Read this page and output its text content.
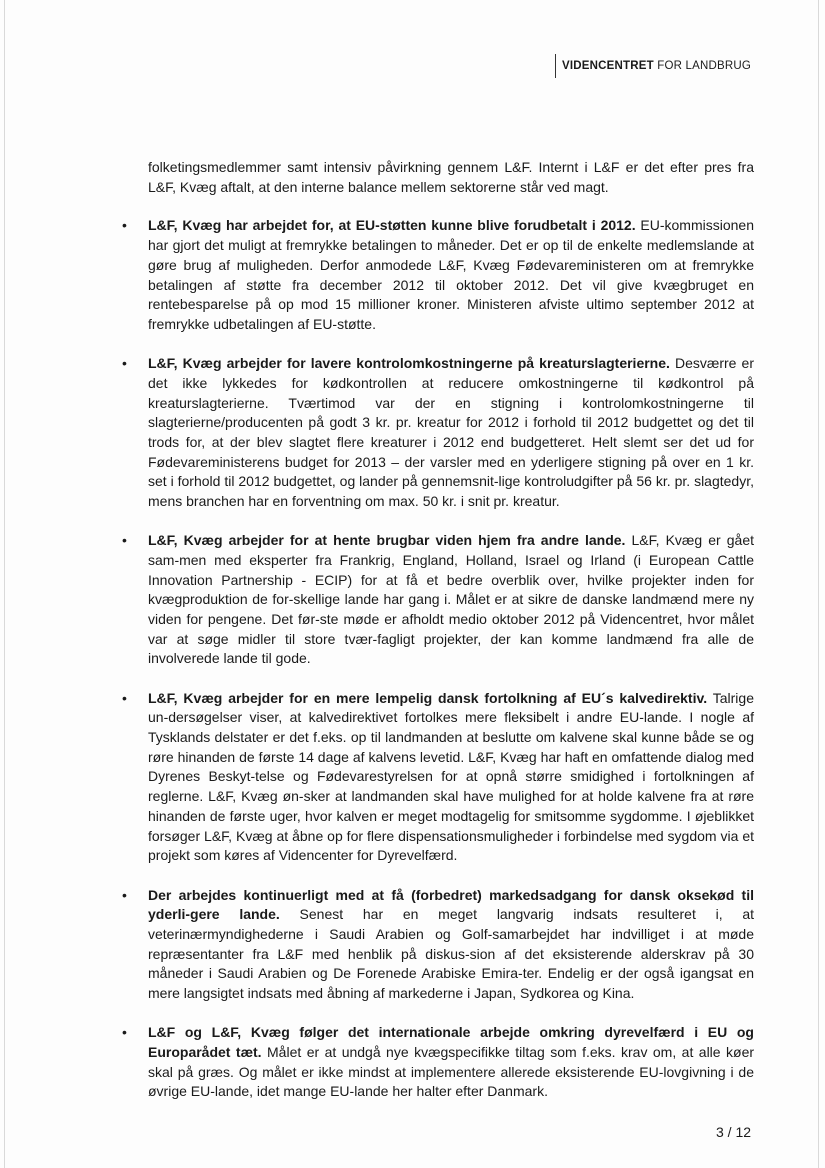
VIDENCENTRET FOR LANDBRUG

folketingsmedlemmer samt intensiv påvirkning gennem L&F. Internt i L&F er det efter pres fra L&F, Kvæg aftalt, at den interne balance mellem sektorerne står ved magt.

• L&F, Kvæg har arbejdet for, at EU-støtten kunne blive forudbetalt i 2012. EU-kommissionen har gjort det muligt at fremrykke betalingen to måneder. Det er op til de enkelte medlemslande at gøre brug af muligheden. Derfor anmodede L&F, Kvæg Fødevareministeren om at fremrykke betalingen af støtte fra december 2012 til oktober 2012. Det vil give kvægbruget en rentebesparelse på op mod 15 millioner kroner. Ministeren afviste ultimo september 2012 at fremrykke udbetalingen af EU-støtte.

• L&F, Kvæg arbejder for lavere kontrolomkostningerne på kreaturslagterierne. Desværre er det ikke lykkedes for kødkontrollen at reducere omkostningerne til kødkontrol på kreaturslagterierne. Tværtimod var der en stigning i kontrolomkostningerne til slagterierne/producenten på godt 3 kr. pr. kreatur for 2012 i forhold til 2012 budgettet og det til trods for, at der blev slagtet flere kreaturer i 2012 end budgetteret. Helt slemt ser det ud for Fødevareministerens budget for 2013 – der varsler med en yderligere stigning på over en 1 kr. set i forhold til 2012 budgettet, og lander på gennemsnit-lige kontroludgifter på 56 kr. pr. slagtedyr, mens branchen har en forventning om max. 50 kr. i snit pr. kreatur.

• L&F, Kvæg arbejder for at hente brugbar viden hjem fra andre lande. L&F, Kvæg er gået sam-men med eksperter fra Frankrig, England, Holland, Israel og Irland (i European Cattle Innovation Partnership - ECIP) for at få et bedre overblik over, hvilke projekter inden for kvægproduktion de for-skellige lande har gang i. Målet er at sikre de danske landmænd mere ny viden for pengene. Det før-ste møde er afholdt medio oktober 2012 på Videncentret, hvor målet var at søge midler til store tvær-fagligt projekter, der kan komme landmænd fra alle de involverede lande til gode.

• L&F, Kvæg arbejder for en mere lempelig dansk fortolkning af EU´s kalvedirektiv. Talrige un-dersøgelser viser, at kalvedirektivet fortolkes mere fleksibelt i andre EU-lande. I nogle af Tysklands delstater er det f.eks. op til landmanden at beslutte om kalvene skal kunne både se og røre hinanden de første 14 dage af kalvens levetid. L&F, Kvæg har haft en omfattende dialog med Dyrenes Beskyt-telse og Fødevarestyrelsen for at opnå større smidighed i fortolkningen af reglerne. L&F, Kvæg øn-sker at landmanden skal have mulighed for at holde kalvene fra at røre hinanden de første uger, hvor kalven er meget modtagelig for smitsomme sygdomme. I øjeblikket forsøger L&F, Kvæg at åbne op for flere dispensationsmuligheder i forbindelse med sygdom via et projekt som køres af Videncenter for Dyrevelfærd.

• Der arbejdes kontinuerligt med at få (forbedret) markedsadgang for dansk oksekød til yderli-gere lande. Senest har en meget langvarig indsats resulteret i, at veterinærmyndighederne i Saudi Arabien og Golf-samarbejdet har indvilliget i at møde repræsentanter fra L&F med henblik på diskus-sion af det eksisterende alderskrav på 30 måneder i Saudi Arabien og De Forenede Arabiske Emira-ter. Endelig er der også igangsat en mere langsigtet indsats med åbning af markederne i Japan, Sydkorea og Kina.

• L&F og L&F, Kvæg følger det internationale arbejde omkring dyrevelfærd i EU og Europarådet tæt. Målet er at undgå nye kvægspecifikke tiltag som f.eks. krav om, at alle køer skal på græs. Og målet er ikke mindst at implementere allerede eksisterende EU-lovgivning i de øvrige EU-lande, idet mange EU-lande her halter efter Danmark.

3 / 12
